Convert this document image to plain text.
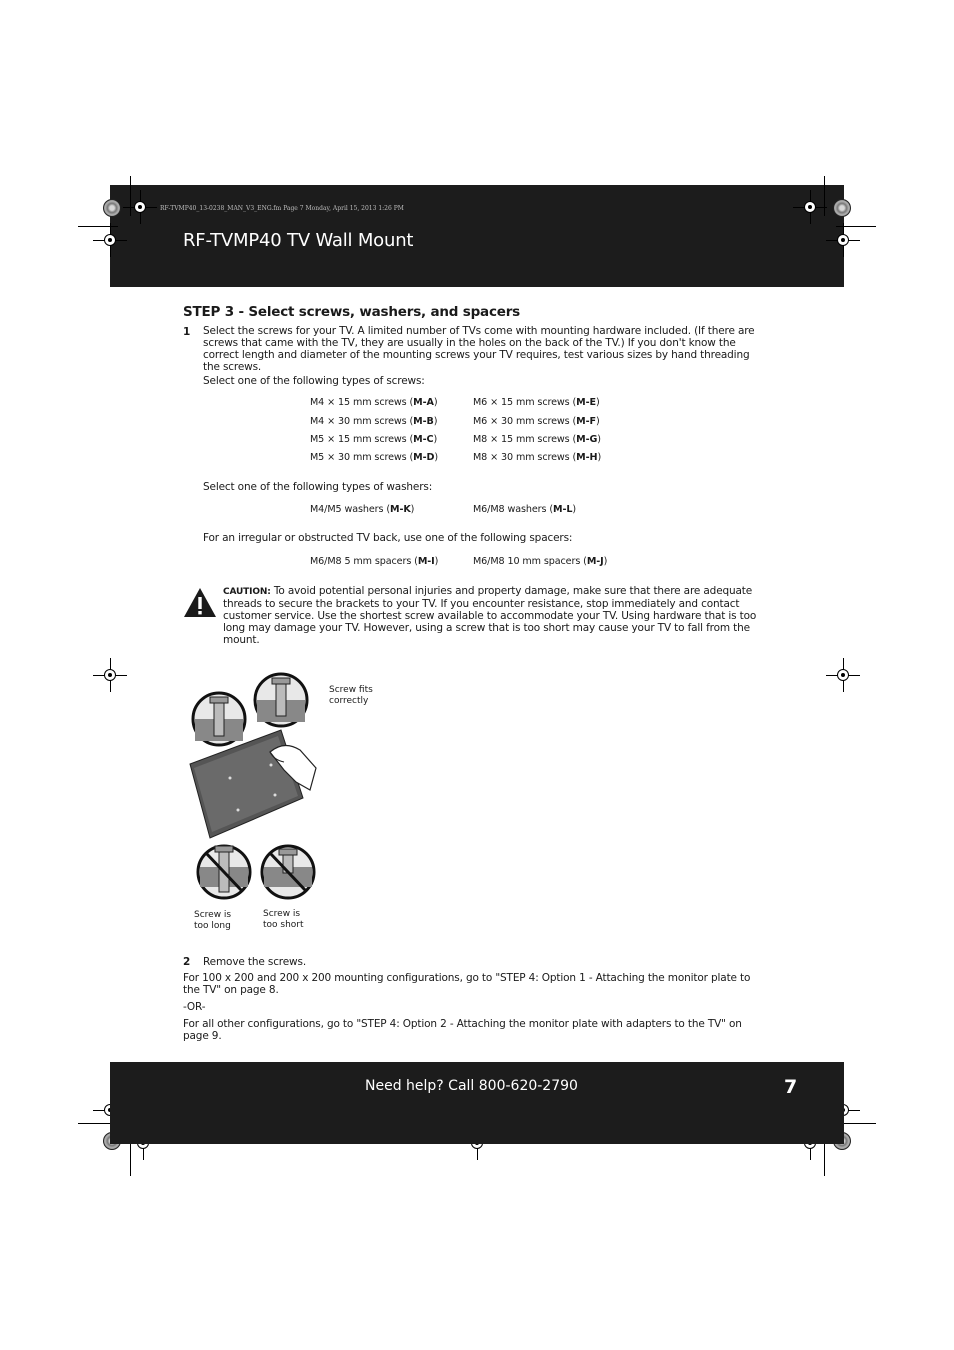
RF-TVMP40_13-0238_MAN_V3_ENG.fm Page 7 Monday, April 15, 2013 1:26 PM
RF-TVMP40 TV Wall Mount
STEP 3 - Select screws, washers, and spacers
1 Select the screws for your TV. A limited number of TVs come with mounting hardware included. (If there are screws that came with the TV, they are usually in the holes on the back of the TV.) If you don't know the correct length and diameter of the mounting screws your TV requires, test various sizes by hand threading the screws.
Select one of the following types of screws:
M4 × 15 mm screws (M-A)	M6 × 15 mm screws (M-E)
M4 × 30 mm screws (M-B)	M6 × 30 mm screws (M-F)
M5 × 15 mm screws (M-C)	M8 × 15 mm screws (M-G)
M5 × 30 mm screws (M-D)	M8 × 30 mm screws (M-H)
Select one of the following types of washers:
M4/M5 washers (M-K)	M6/M8 washers (M-L)
For an irregular or obstructed TV back, use one of the following spacers:
M6/M8 5 mm spacers (M-I)	M6/M8 10 mm spacers (M-J)
CAUTION: To avoid potential personal injuries and property damage, make sure that there are adequate threads to secure the brackets to your TV. If you encounter resistance, stop immediately and contact customer service. Use the shortest screw available to accommodate your TV. Using hardware that is too long may damage your TV. However, using a screw that is too short may cause your TV to fall from the mount.
Screw fits
correctly
Screw is
too long
Screw is
too short
2 Remove the screws.
For 100 x 200 and 200 x 200 mounting configurations, go to "STEP 4: Option 1 - Attaching the monitor plate to the TV" on page 8.
-OR-
For all other configurations, go to "STEP 4: Option 2 - Attaching the monitor plate with adapters to the TV" on page 9.
Need help? Call 800-620-2790	7
